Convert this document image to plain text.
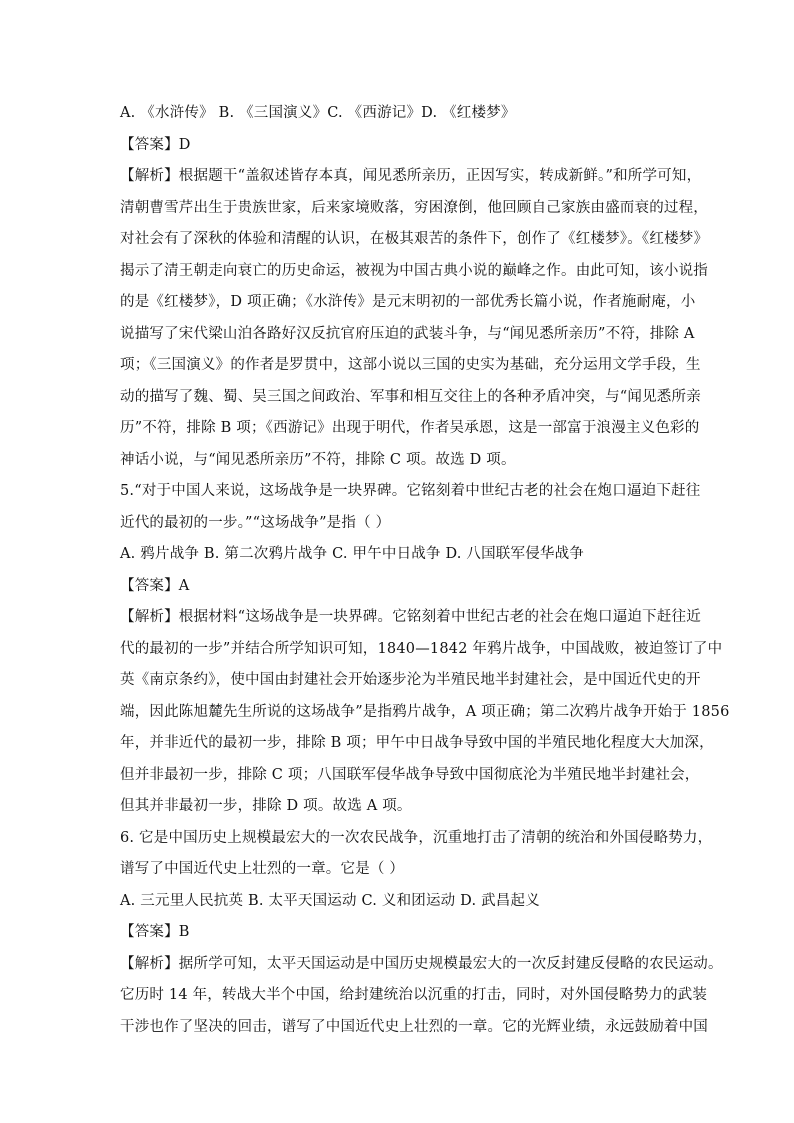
A. 《水浒传》 B. 《三国演义》C. 《西游记》D. 《红楼梦》
【答案】D
【解析】根据题干“盖叙述皆存本真，闻见悉所亲历，正因写实，转成新鲜。”和所学可知，
清朝曹雪芹出生于贵族世家，后来家境败落，穷困潦倒，他回顾自己家族由盛而衰的过程，
对社会有了深秋的体验和清醒的认识，在极其艰苦的条件下，创作了《红楼梦》。《红楼梦》
揭示了清王朝走向衰亡的历史命运，被视为中国古典小说的巅峰之作。由此可知，该小说指
的是《红楼梦》，D 项正确；《水浒传》是元末明初的一部优秀长篇小说，作者施耐庵，小
说描写了宋代梁山泊各路好汉反抗官府压迫的武装斗争，与“闻见悉所亲历”不符，排除 A
项；《三国演义》的作者是罗贯中，这部小说以三国的史实为基础，充分运用文学手段，生
动的描写了魏、蜀、吴三国之间政治、军事和相互交往上的各种矛盾冲突，与“闻见悉所亲
历”不符，排除 B 项；《西游记》出现于明代，作者吴承恩，这是一部富于浪漫主义色彩的
神话小说，与“闻见悉所亲历”不符，排除 C 项。故选 D 项。
5.“对于中国人来说，这场战争是一块界碑。它铭刻着中世纪古老的社会在炮口逼迫下赶往
近代的最初的一步。”“这场战争”是指（ ）
A. 鸦片战争 B. 第二次鸦片战争 C. 甲午中日战争 D. 八国联军侵华战争
【答案】A
【解析】根据材料“这场战争是一块界碑。它铭刻着中世纪古老的社会在炮口逼迫下赶往近
代的最初的一步”并结合所学知识可知，1840—1842 年鸦片战争，中国战败，被迫签订了中
英《南京条约》，使中国由封建社会开始逐步沦为半殖民地半封建社会，是中国近代史的开
端，因此陈旭麓先生所说的这场战争”是指鸦片战争，A 项正确；第二次鸦片战争开始于 1856
年，并非近代的最初一步，排除 B 项；甲午中日战争导致中国的半殖民地化程度大大加深，
但并非最初一步，排除 C 项；八国联军侵华战争导致中国彻底沦为半殖民地半封建社会，
但其并非最初一步，排除 D 项。故选 A 项。
6. 它是中国历史上规模最宏大的一次农民战争，沉重地打击了清朝的统治和外国侵略势力，
谱写了中国近代史上壮烈的一章。它是（ ）
A. 三元里人民抗英 B. 太平天国运动 C. 义和团运动 D. 武昌起义
【答案】B
【解析】据所学可知，太平天国运动是中国历史规模最宏大的一次反封建反侵略的农民运动。
它历时 14 年，转战大半个中国，给封建统治以沉重的打击，同时，对外国侵略势力的武装
干涉也作了坚决的回击，谱写了中国近代史上壮烈的一章。它的光辉业绩，永远鼓励着中国
